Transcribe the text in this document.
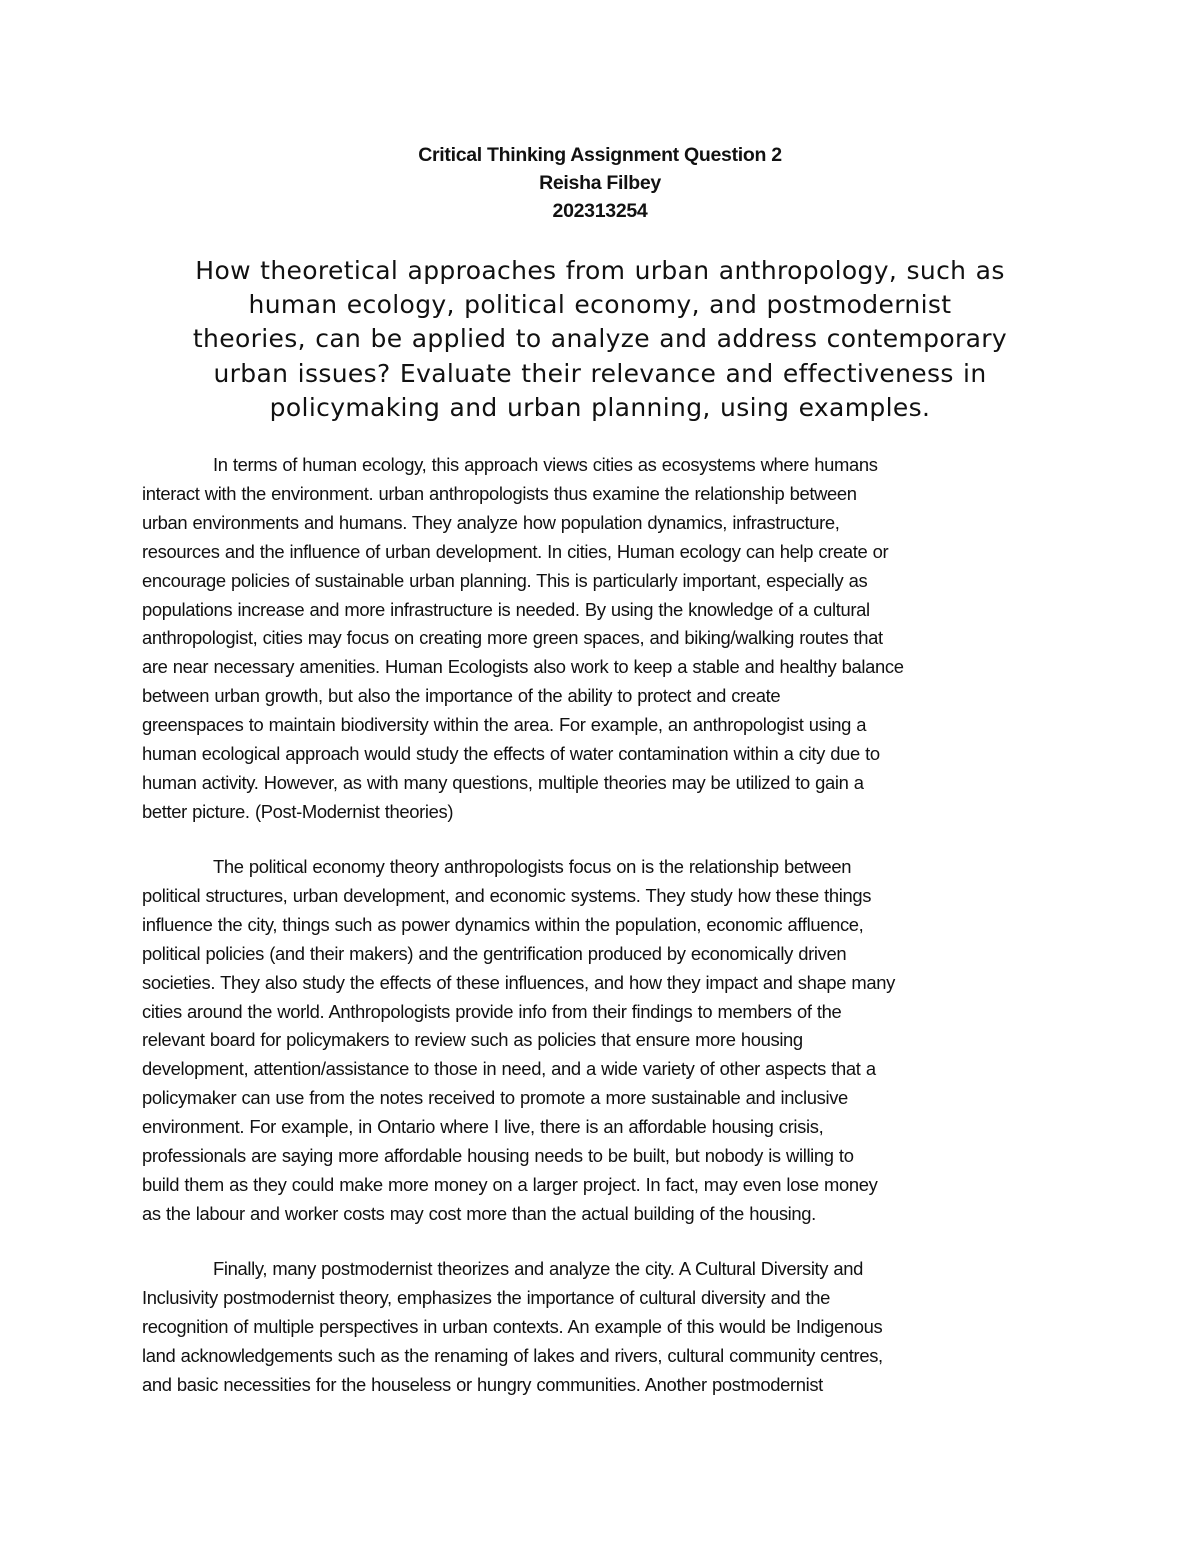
Critical Thinking Assignment Question 2
Reisha Filbey
202313254
How theoretical approaches from urban anthropology, such as
human ecology, political economy, and postmodernist
theories, can be applied to analyze and address contemporary
urban issues? Evaluate their relevance and effectiveness in
policymaking and urban planning, using examples.
In terms of human ecology, this approach views cities as ecosystems where humans
interact with the environment. urban anthropologists thus examine the relationship between
urban environments and humans. They analyze how population dynamics, infrastructure,
resources and the influence of urban development. In cities, Human ecology can help create or
encourage policies of sustainable urban planning. This is particularly important, especially as
populations increase and more infrastructure is needed. By using the knowledge of a cultural
anthropologist, cities may focus on creating more green spaces, and biking/walking routes that
are near necessary amenities. Human Ecologists also work to keep a stable and healthy balance
between urban growth, but also the importance of the ability to protect and create
greenspaces to maintain biodiversity within the area. For example, an anthropologist using a
human ecological approach would study the effects of water contamination within a city due to
human activity. However, as with many questions, multiple theories may be utilized to gain a
better picture. (Post-Modernist theories)
The political economy theory anthropologists focus on is the relationship between
political structures, urban development, and economic systems. They study how these things
influence the city, things such as power dynamics within the population, economic affluence,
political policies (and their makers) and the gentrification produced by economically driven
societies. They also study the effects of these influences, and how they impact and shape many
cities around the world. Anthropologists provide info from their findings to members of the
relevant board for policymakers to review such as policies that ensure more housing
development, attention/assistance to those in need, and a wide variety of other aspects that a
policymaker can use from the notes received to promote a more sustainable and inclusive
environment. For example, in Ontario where I live, there is an affordable housing crisis,
professionals are saying more affordable housing needs to be built, but nobody is willing to
build them as they could make more money on a larger project. In fact, may even lose money
as the labour and worker costs may cost more than the actual building of the housing.
Finally, many postmodernist theorizes and analyze the city. A Cultural Diversity and
Inclusivity postmodernist theory, emphasizes the importance of cultural diversity and the
recognition of multiple perspectives in urban contexts. An example of this would be Indigenous
land acknowledgements such as the renaming of lakes and rivers, cultural community centres,
and basic necessities for the houseless or hungry communities. Another postmodernist
